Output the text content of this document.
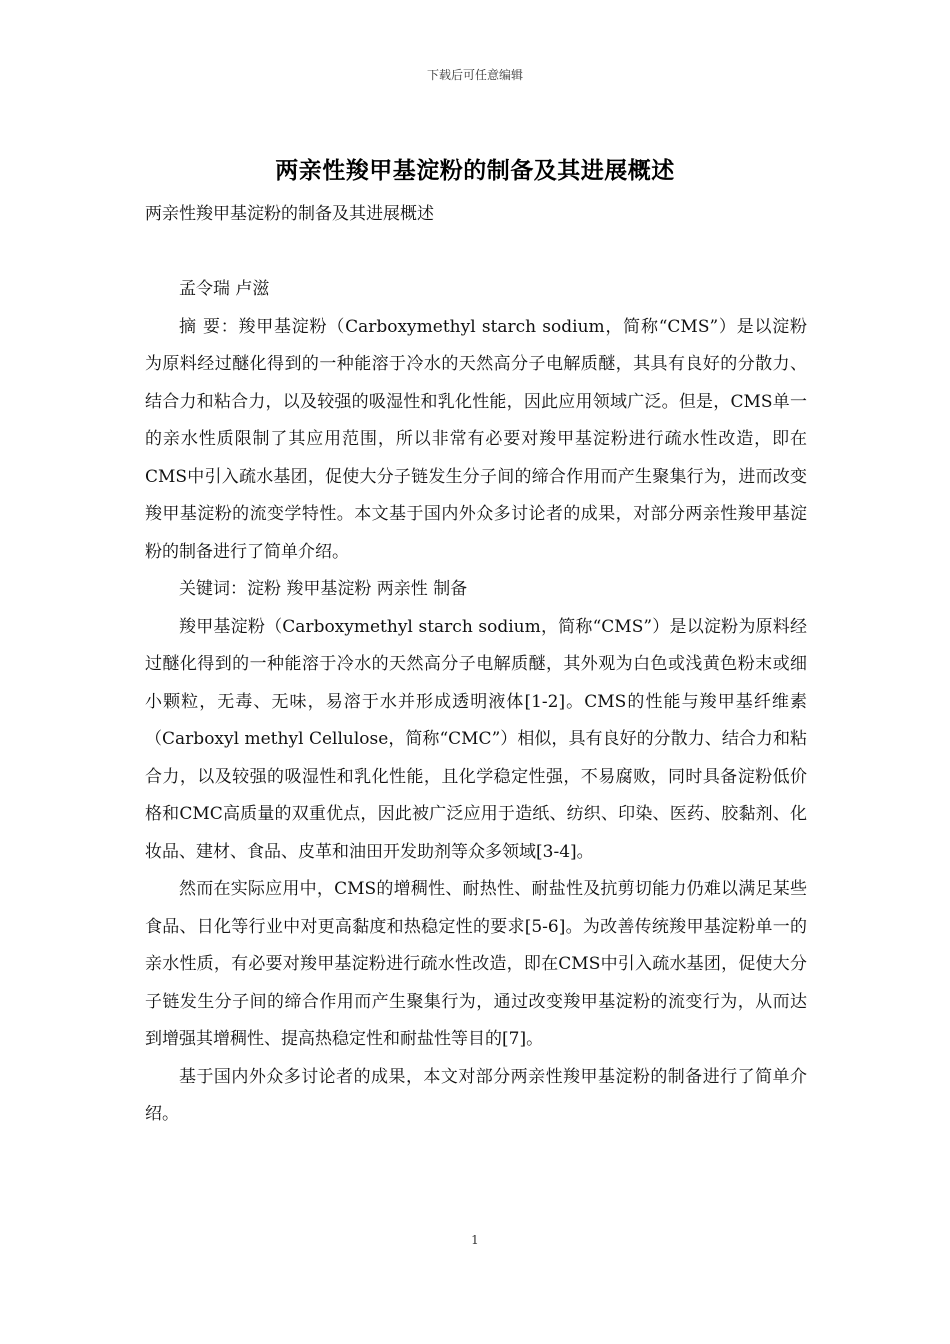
下载后可任意编辑
两亲性羧甲基淀粉的制备及其进展概述

两亲性羧甲基淀粉的制备及其进展概述

孟令瑞 卢滋

摘 要：羧甲基淀粉（Carboxymethyl starch sodium，简称“CMS”）是以淀粉为原料经过醚化得到的一种能溶于冷水的天然高分子电解质醚，其具有良好的分散力、结合力和粘合力，以及较强的吸湿性和乳化性能，因此应用领域广泛。但是，CMS单一的亲水性质限制了其应用范围，所以非常有必要对羧甲基淀粉进行疏水性改造，即在CMS中引入疏水基团，促使大分子链发生分子间的缔合作用而产生聚集行为，进而改变羧甲基淀粉的流变学特性。本文基于国内外众多讨论者的成果，对部分两亲性羧甲基淀粉的制备进行了简单介绍。

关键词：淀粉 羧甲基淀粉 两亲性 制备

羧甲基淀粉（Carboxymethyl starch sodium，简称“CMS”）是以淀粉为原料经过醚化得到的一种能溶于冷水的天然高分子电解质醚，其外观为白色或浅黄色粉末或细小颗粒，无毒、无味，易溶于水并形成透明液体[1-2]。CMS的性能与羧甲基纤维素（Carboxyl methyl Cellulose，简称“CMC”）相似，具有良好的分散力、结合力和粘合力，以及较强的吸湿性和乳化性能，且化学稳定性强，不易腐败，同时具备淀粉低价格和CMC高质量的双重优点，因此被广泛应用于造纸、纺织、印染、医药、胶黏剂、化妆品、建材、食品、皮革和油田开发助剂等众多领域[3-4]。

然而在实际应用中，CMS的增稠性、耐热性、耐盐性及抗剪切能力仍难以满足某些食品、日化等行业中对更高黏度和热稳定性的要求[5-6]。为改善传统羧甲基淀粉单一的亲水性质，有必要对羧甲基淀粉进行疏水性改造，即在CMS中引入疏水基团，促使大分子链发生分子间的缔合作用而产生聚集行为，通过改变羧甲基淀粉的流变行为，从而达到增强其增稠性、提高热稳定性和耐盐性等目的[7]。

基于国内外众多讨论者的成果，本文对部分两亲性羧甲基淀粉的制备进行了简单介绍。

1
